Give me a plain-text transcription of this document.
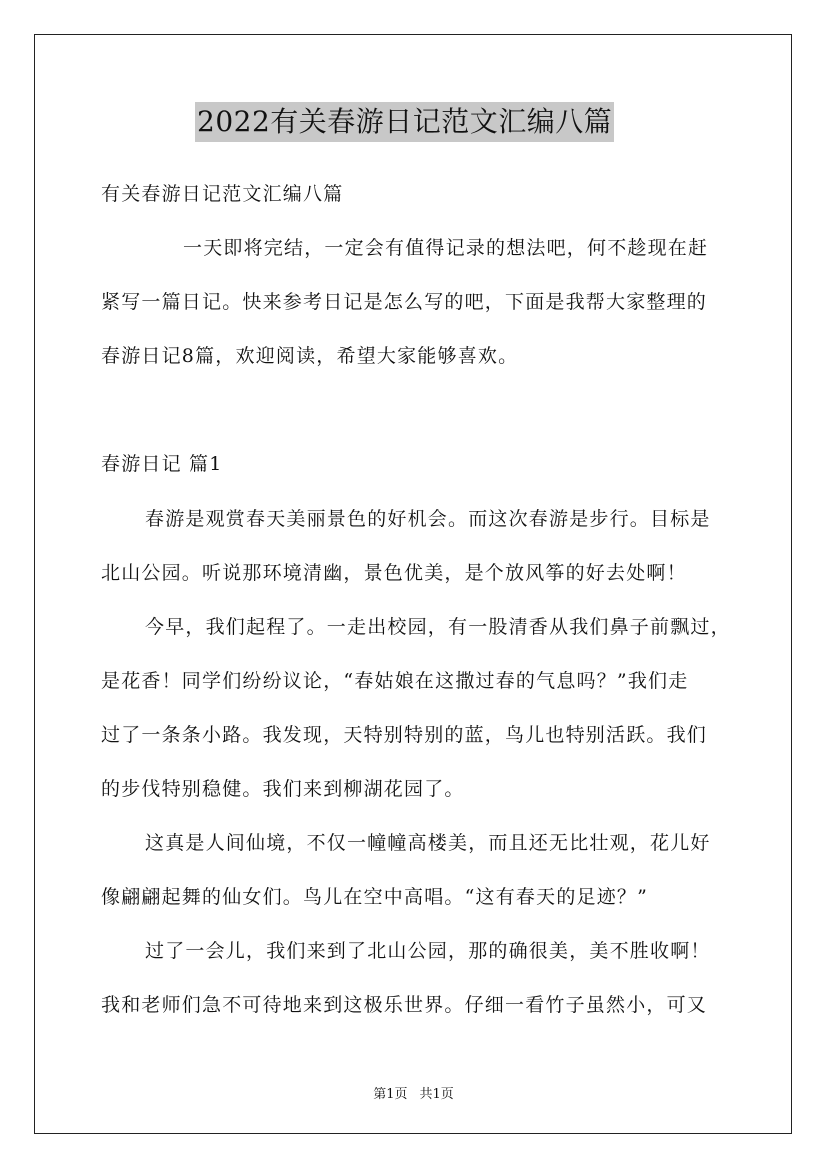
2022有关春游日记范文汇编八篇
有关春游日记范文汇编八篇
一天即将完结，一定会有值得记录的想法吧，何不趁现在赶
紧写一篇日记。快来参考日记是怎么写的吧，下面是我帮大家整理的
春游日记8篇，欢迎阅读，希望大家能够喜欢。
春游日记 篇1
春游是观赏春天美丽景色的好机会。而这次春游是步行。目标是
北山公园。听说那环境清幽，景色优美，是个放风筝的好去处啊！
今早，我们起程了。一走出校园，有一股清香从我们鼻子前飘过，
是花香！同学们纷纷议论，“春姑娘在这撒过春的气息吗？”我们走
过了一条条小路。我发现，天特别特别的蓝，鸟儿也特别活跃。我们
的步伐特别稳健。我们来到柳湖花园了。
这真是人间仙境，不仅一幢幢高楼美，而且还无比壮观，花儿好
像翩翩起舞的仙女们。鸟儿在空中高唱。“这有春天的足迹？”
过了一会儿，我们来到了北山公园，那的确很美，美不胜收啊！
我和老师们急不可待地来到这极乐世界。仔细一看竹子虽然小，可又
第1页 共1页
